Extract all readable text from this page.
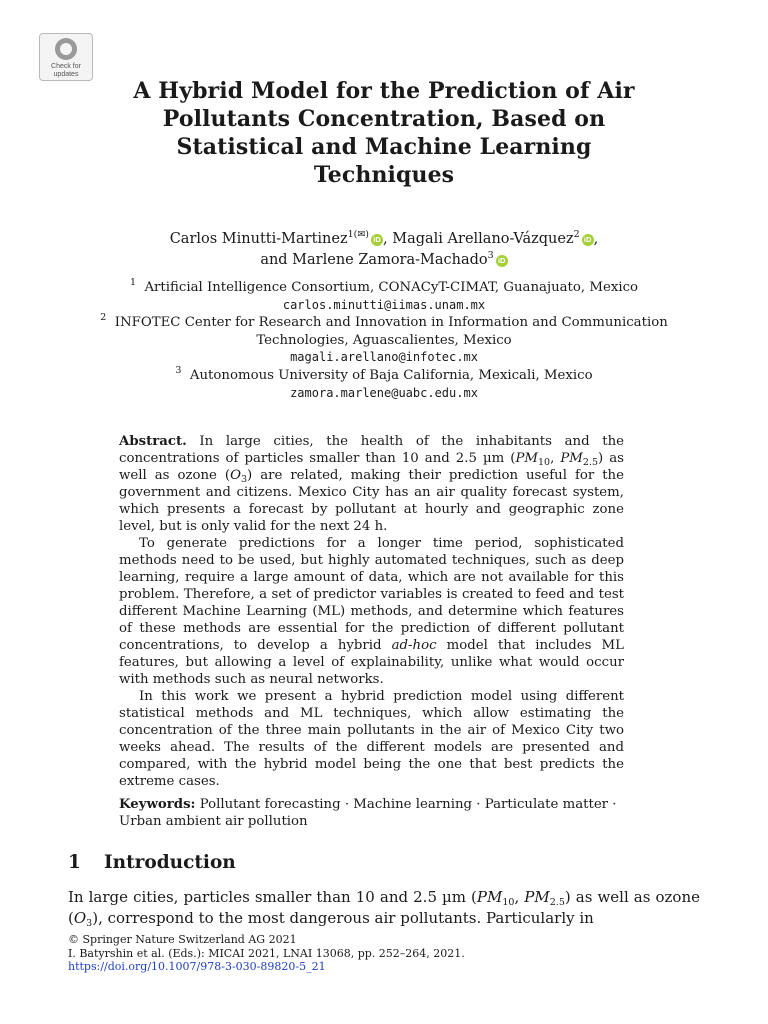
Check for
updates
A Hybrid Model for the Prediction of Air
Pollutants Concentration, Based on
Statistical and Machine Learning
Techniques
Carlos Minutti-Martinez$^{1(✉)}$ iD , Magali Arellano-Vázquez$^2$ iD ,
and Marlene Zamora-Machado$^3$ iD
$^1$ Artificial Intelligence Consortium, CONACyT-CIMAT, Guanajuato, Mexico
carlos.minutti@iimas.unam.mx
$^2$ INFOTEC Center for Research and Innovation in Information and Communication
Technologies, Aguascalientes, Mexico
magali.arellano@infotec.mx
$^3$ Autonomous University of Baja California, Mexicali, Mexico
zamora.marlene@uabc.edu.mx

Abstract. In large cities, the health of the inhabitants and the concentrations of particles smaller than 10 and 2.5 µm ($PM_{10}$, $PM_{2.5}$) as well as ozone $(O_3)$ are related, making their prediction useful for the government and citizens. Mexico City has an air quality forecast system, which presents a forecast by pollutant at hourly and geographic zone level, but is only valid for the next 24 h.

To generate predictions for a longer time period, sophisticated methods need to be used, but highly automated techniques, such as deep learning, require a large amount of data, which are not available for this problem. Therefore, a set of predictor variables is created to feed and test different Machine Learning (ML) methods, and determine which features of these methods are essential for the prediction of different pollutant concentrations, to develop a hybrid ad-hoc model that includes ML features, but allowing a level of explainability, unlike what would occur with methods such as neural networks.

In this work we present a hybrid prediction model using different statistical methods and ML techniques, which allow estimating the concentration of the three main pollutants in the air of Mexico City two weeks ahead. The results of the different models are presented and compared, with the hybrid model being the one that best predicts the extreme cases.

Keywords: Pollutant forecasting · Machine learning · Particulate matter · Urban ambient air pollution
1 Introduction
In large cities, particles smaller than 10 and 2.5 µm ($PM_{10}$, $PM_{2.5}$) as well as ozone $(O_3)$, correspond to the most dangerous air pollutants. Particularly in
© Springer Nature Switzerland AG 2021
I. Batyrshin et al. (Eds.): MICAI 2021, LNAI 13068, pp. 252–264, 2021.
https://doi.org/10.1007/978-3-030-89820-5_21
